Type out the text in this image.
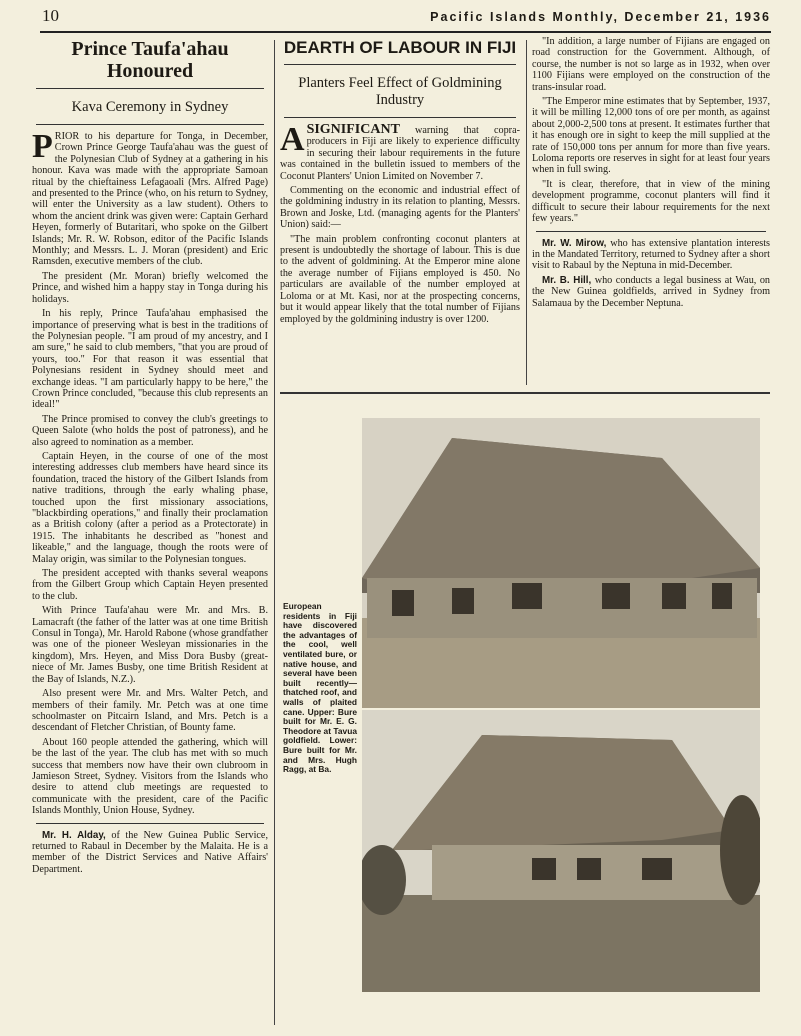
10	Pacific Islands Monthly, December 21, 1936
Prince Taufa'ahau Honoured
Kava Ceremony in Sydney

PRIOR to his departure for Tonga, in December, Crown Prince George Taufa'ahau was the guest of the Polynesian Club of Sydney at a gathering in his honour. Kava was made with the appropriate Samoan ritual by the chieftainess Lefagaoali (Mrs. Alfred Page) and presented to the Prince (who, on his return to Sydney, will enter the University as a law student). Others to whom the ancient drink was given were: Captain Gerhard Heyen, formerly of Butaritari, who spoke on the Gilbert Islands; Mr. R. W. Robson, editor of the Pacific Islands Monthly; and Messrs. L. J. Moran (president) and Eric Ramsden, executive members of the club.

The president (Mr. Moran) briefly welcomed the Prince, and wished him a happy stay in Tonga during his holidays.

In his reply, Prince Taufa'ahau emphasised the importance of preserving what is best in the traditions of the Polynesian people. "I am proud of my ancestry, and I am sure," he said to club members, "that you are proud of yours, too." For that reason it was essential that Polynesians resident in Sydney should meet and exchange ideas. "I am particularly happy to be here," the Crown Prince concluded, "because this club represents an ideal!"

The Prince promised to convey the club's greetings to Queen Salote (who holds the post of patroness), and he also agreed to nomination as a member.

Captain Heyen, in the course of one of the most interesting addresses club members have heard since its foundation, traced the history of the Gilbert Islands from native traditions, through the early whaling phase, touched upon the first missionary associations, "blackbirding operations," and finally their proclamation as a British colony (after a period as a Protectorate) in 1915. The inhabitants he described as "honest and likeable," and the language, though the roots were of Malay origin, was similar to the Polynesian tongues.

The president accepted with thanks several weapons from the Gilbert Group which Captain Heyen presented to the club.

With Prince Taufa'ahau were Mr. and Mrs. B. Lamacraft (the father of the latter was at one time British Consul in Tonga), Mr. Harold Rabone (whose grandfather was one of the pioneer Wesleyan missionaries in the kingdom), Mrs. Heyen, and Miss Dora Busby (great-niece of Mr. James Busby, one time British Resident at the Bay of Islands, N.Z.).

Also present were Mr. and Mrs. Walter Petch, and members of their family. Mr. Petch was at one time schoolmaster on Pitcairn Island, and Mrs. Petch is a descendant of Fletcher Christian, of Bounty fame.

About 160 people attended the gathering, which will be the last of the year. The club has met with so much success that members now have their own clubroom in Jamieson Street, Sydney. Visitors from the Islands who desire to attend club meetings are requested to communicate with the president, care of the Pacific Islands Monthly, Union House, Sydney.

Mr. H. Alday, of the New Guinea Public Service, returned to Rabaul in December by the Malaita. He is a member of the District Services and Native Affairs' Department.

DEARTH OF LABOUR IN FIJI
Planters Feel Effect of Goldmining Industry

ASIGNIFICANT warning that copra-producers in Fiji are likely to experience difficulty in securing their labour requirements in the future was contained in the bulletin issued to members of the Coconut Planters' Union Limited on November 7.

Commenting on the economic and industrial effect of the goldmining industry in its relation to planting, Messrs. Brown and Joske, Ltd. (managing agents for the Planters' Union) said:—

"The main problem confronting coconut planters at present is undoubtedly the shortage of labour. This is due to the advent of goldmining. At the Emperor mine alone the average number of Fijians employed is 450. No particulars are available of the number employed at Loloma or at Mt. Kasi, nor at the prospecting concerns, but it would appear likely that the total number of Fijians employed by the goldmining industry is over 1200.

"In addition, a large number of Fijians are engaged on road construction for the Government. Although, of course, the number is not so large as in 1932, when over 1100 Fijians were employed on the construction of the trans-insular road.

"The Emperor mine estimates that by September, 1937, it will be milling 12,000 tons of ore per month, as against about 2,000-2,500 tons at present. It estimates further that it has enough ore in sight to keep the mill supplied at the rate of 150,000 tons per annum for more than five years. Loloma reports ore reserves in sight for at least four years when in full swing.

"It is clear, therefore, that in view of the mining development programme, coconut planters will find it difficult to secure their labour requirements for the next few years."

Mr. W. Mirow, who has extensive plantation interests in the Mandated Territory, returned to Sydney after a short visit to Rabaul by the Neptuna in mid-December.

Mr. B. Hill, who conducts a legal business at Wau, on the New Guinea goldfields, arrived in Sydney from Salamaua by the December Neptuna.

European residents in Fiji have discovered the advantages of the cool, well ventilated bure, or native house, and several have been built recently—thatched roof, and walls of plaited cane. Upper: Bure built for Mr. E. G. Theodore at Tavua goldfield. Lower: Bure built for Mr. and Mrs. Hugh Ragg, at Ba.
